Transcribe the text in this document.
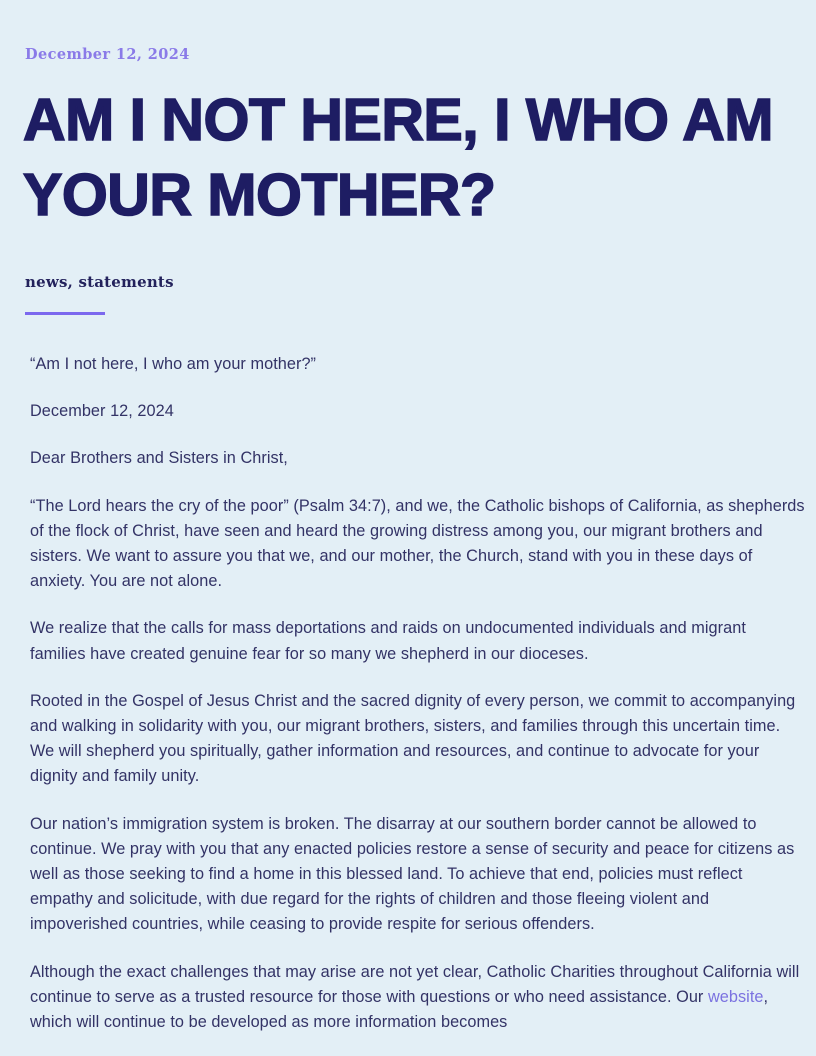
December 12, 2024
AM I NOT HERE, I WHO AM YOUR MOTHER?
news, statements

“Am I not here, I who am your mother?”

December 12, 2024

Dear Brothers and Sisters in Christ,

“The Lord hears the cry of the poor” (Psalm 34:7), and we, the Catholic bishops of California, as shepherds of the flock of Christ, have seen and heard the growing distress among you, our migrant brothers and sisters. We want to assure you that we, and our mother, the Church, stand with you in these days of anxiety. You are not alone.

We realize that the calls for mass deportations and raids on undocumented individuals and migrant families have created genuine fear for so many we shepherd in our dioceses.

Rooted in the Gospel of Jesus Christ and the sacred dignity of every person, we commit to accompanying and walking in solidarity with you, our migrant brothers, sisters, and families through this uncertain time. We will shepherd you spiritually, gather information and resources, and continue to advocate for your dignity and family unity.

Our nation’s immigration system is broken. The disarray at our southern border cannot be allowed to continue. We pray with you that any enacted policies restore a sense of security and peace for citizens as well as those seeking to find a home in this blessed land. To achieve that end, policies must reflect empathy and solicitude, with due regard for the rights of children and those fleeing violent and impoverished countries, while ceasing to provide respite for serious offenders.

Although the exact challenges that may arise are not yet clear, Catholic Charities throughout California will continue to serve as a trusted resource for those with questions or who need assistance. Our website, which will continue to be developed as more information becomes
